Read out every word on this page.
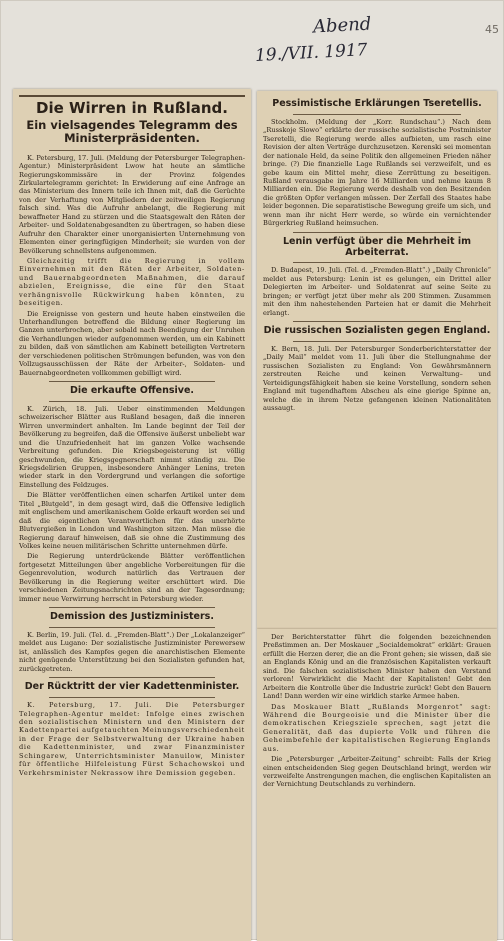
45
Abend
19./VII. 1917

Die Wirren in Rußland.

Ein vielsagendes Telegramm des Ministerpräsidenten.

K. Petersburg, 17. Juli. (Meldung der Petersburger Telegraphen-Agentur.) Ministerpräsident Lwow hat heute an sämtliche Regierungskommissäre in der Provinz folgendes Zirkulartelegramm gerichtet: In Erwiderung auf eine Anfrage an das Ministerium des Innern teile ich Ihnen mit, daß die Gerüchte von der Verhaftung von Mitgliedern der zeitweiligen Regierung falsch sind. Was die Aufruhr anbelangt, die Regierung mit bewaffneter Hand zu stürzen und die Staatsgewalt den Räten der Arbeiter- und Soldatenabgesandten zu übertragen, so haben diese Aufruhr den Charakter einer unorganisierten Unternehmung von Elementen einer geringfügigen Minderheit; sie wurden von der Bevölkerung schnellstens aufgenommen.

Gleichzeitig trifft die Regierung in vollem Einvernehmen mit den Räten der Arbeiter, Soldaten- und Bauernabgeordneten Maßnahmen, die darauf abzielen, Ereignisse, die eine für den Staat verhängnisvolle Rückwirkung haben könnten, zu beseitigen.

Die Ereignisse von gestern und heute haben einstweilen die Unterhandlungen betreffend die Bildung einer Regierung im Ganzen unterbrochen, aber sobald nach Beendigung der Unruhen die Verhandlungen wieder aufgenommen werden, um ein Kabinett zu bilden, daß von sämtlichen am Kabinett beteiligten Vertretern der verschiedenen politischen Strömungen befunden, was von den Vollzugsausschüssen der Räte der Arbeiter-, Soldaten- und Bauernabgeordneten vollkommen gebilligt wird.

Die erkaufte Offensive.

K. Zürich, 18. Juli. Ueber einstimmenden Meldungen schweizerischer Blätter aus Rußland besagen, daß die inneren Wirren unvermindert anhalten. Im Lande beginnt der Teil der Bevölkerung zu begreifen, daß die Offensive äußerst unbeliebt war und die Unzufriedenheit hat im ganzen Volke wachsende Verbreitung gefunden. Die Kriegsbegeisterung ist völlig geschwunden, die Kriegsgegnerschaft nimmt ständig zu. Die Kriegsdelirien Gruppen, insbesondere Anhänger Lenins, treten wieder stark in den Vordergrund und verlangen die sofortige Einstellung des Feldzuges.

Die Blätter veröffentlichen einen scharfen Artikel unter dem Titel „Blutgeld“, in dem gesagt wird, daß die Offensive lediglich mit englischem und amerikanischem Golde erkauft worden sei und daß die eigentlichen Verantwortlichen für das unerhörte Blutvergießen in London und Washington sitzen. Man müsse die Regierung darauf hinweisen, daß sie ohne die Zustimmung des Volkes keine neuen militärischen Schritte unternehmen dürfe.

Die Regierung unterdrückende Blätter veröffentlichen fortgesetzt Mitteilungen über angebliche Vorbereitungen für die Gegenrevolution, wodurch natürlich das Vertrauen der Bevölkerung in die Regierung weiter erschüttert wird. Die verschiedenen Zeitungsnachrichten sind an der Tagesordnung; immer neue Verwirrung herrscht in Petersburg wieder.

Demission des Justizministers.

K. Berlin, 19. Juli. (Tel. d. „Fremden-Blatt“.) Der „Lokalanzeiger“ meldet aus Lugano: Der sozialistische Justizminister Perewersew ist, anlässlich des Kampfes gegen die anarchistischen Elemente nicht genügende Unterstützung bei den Sozialisten gefunden hat, zurückgetreten.

Der Rücktritt der vier Kadettenminister.

K. Petersburg, 17. Juli. Die Petersburger Telegraphen-Agentur meldet: Infolge eines zwischen den sozialistischen Ministern und den Ministern der Kadettenpartei aufgetauchten Meinungsverschiedenheit in der Frage der Selbstverwaltung der Ukraine haben die Kadettenminister, und zwar Finanzminister Schingarew, Unterrichtsminister Manuilow, Minister für öffentliche Hilfeleistung Fürst Schachowskoi und Verkehrsminister Nekrassow ihre Demission gegeben.

Pessimistische Erklärungen Tseretellis.

Stockholm. (Meldung der „Korr. Rundschau“.) Nach dem „Russkoje Slowo“ erklärte der russische sozialistische Postminister Tseretelli, die Regierung werde alles aufbieten, um rasch eine Revision der alten Verträge durchzusetzen. Kerenski sei momentan der nationale Held, da seine Politik den allgemeinen Frieden näher bringe. (?) Die finanzielle Lage Rußlands sei verzweifelt, und es gebe kaum ein Mittel mehr, diese Zerrüttung zu beseitigen. Rußland verausgabe im Jahre 16 Milliarden und nehme kaum 8 Milliarden ein. Die Regierung werde deshalb von den Besitzenden die größten Opfer verlangen müssen. Der Zerfall des Staates habe leider begonnen. Die separatistische Bewegung greife um sich, und wenn man ihr nicht Herr werde, so würde ein vernichtender Bürgerkrieg Rußland heimsuchen.

Lenin verfügt über die Mehrheit im Arbeiterrat.

D. Budapest, 19. Juli. (Tel. d. „Fremden-Blatt“.) „Daily Chronicle“ meldet aus Petersburg: Lenin ist es gelungen, ein Drittel aller Delegierten im Arbeiter- und Soldatenrat auf seine Seite zu bringen; er verfügt jetzt über mehr als 200 Stimmen. Zusammen mit den ihm nahestehenden Parteien hat er damit die Mehrheit erlangt.

Die russischen Sozialisten gegen England.

K. Bern, 18. Juli. Der Petersburger Sonderberichterstatter der „Daily Mail“ meldet vom 11. Juli über die Stellungnahme der russischen Sozialisten zu England: Von Gewährsmännern zerstreuten Reiche und keinen Verwaltung– und Verteidigungsfähigkeit haben sie keine Vorstellung, sondern sehen England mit tugendhaftem Abscheu als eine gierige Spinne an, welche die in ihrem Netze gefangenen kleinen Nationalitäten aussaugt.

Der Berichterstatter führt die folgenden bezeichnenden Preßstimmen an. Der Moskauer „Socialdemokrat“ erklärt: Grauen erfüllt die Herzen derer, die an die Front gehen; sie wissen, daß sie an Englands König und an die französischen Kapitalisten verkauft sind. Die falschen sozialistischen Minister haben den Verstand verloren! Verwirklicht die Macht der Kapitalisten! Gebt den Arbeitern die Kontrolle über die Industrie zurück! Gebt den Bauern Land! Dann werden wir eine wirklich starke Armee haben.

Das Moskauer Blatt „Rußlands Morgenrot“ sagt: Während die Bourgeoisie und die Minister über die demokratischen Kriegsziele sprechen, sagt jetzt die Generalität, daß das dupierte Volk und führen die Geheimbefehle der kapitalistischen Regierung Englands aus.

Die „Petersburger „Arbeiter-Zeitung“ schreibt: Falls der Krieg einen entscheidenden Sieg gegen Deutschland bringt, werden wir verzweifelte Anstrengungen machen, die englischen Kapitalisten an der Vernichtung Deutschlands zu verhindern.
